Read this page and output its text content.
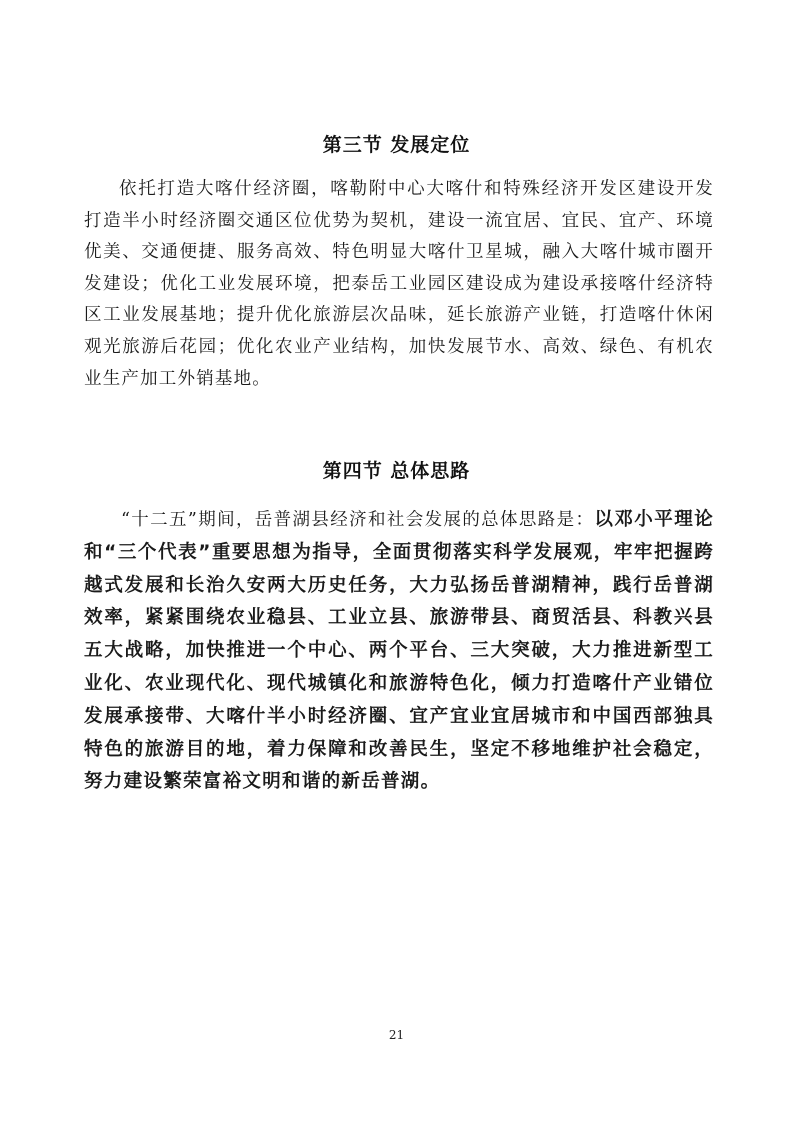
第三节 发展定位

依托打造大喀什经济圈，喀勒附中心大喀什和特殊经济开发区建设开发打造半小时经济圈交通区位优势为契机，建设一流宜居、宜民、宜产、环境优美、交通便捷、服务高效、特色明显大喀什卫星城，融入大喀什城市圈开发建设；优化工业发展环境，把泰岳工业园区建设成为建设承接喀什经济特区工业发展基地；提升优化旅游层次品味，延长旅游产业链，打造喀什休闲观光旅游后花园；优化农业产业结构，加快发展节水、高效、绿色、有机农业生产加工外销基地。

第四节 总体思路

“十二五”期间，岳普湖县经济和社会发展的总体思路是：以邓小平理论和“三个代表”重要思想为指导，全面贯彻落实科学发展观，牢牢把握跨越式发展和长治久安两大历史任务，大力弘扬岳普湖精神，践行岳普湖效率，紧紧围绕农业稳县、工业立县、旅游带县、商贸活县、科教兴县五大战略，加快推进一个中心、两个平台、三大突破，大力推进新型工业化、农业现代化、现代城镇化和旅游特色化，倾力打造喀什产业错位发展承接带、大喀什半小时经济圈、宜产宜业宜居城市和中国西部独具特色的旅游目的地，着力保障和改善民生，坚定不移地维护社会稳定，努力建设繁荣富裕文明和谐的新岳普湖。

21
